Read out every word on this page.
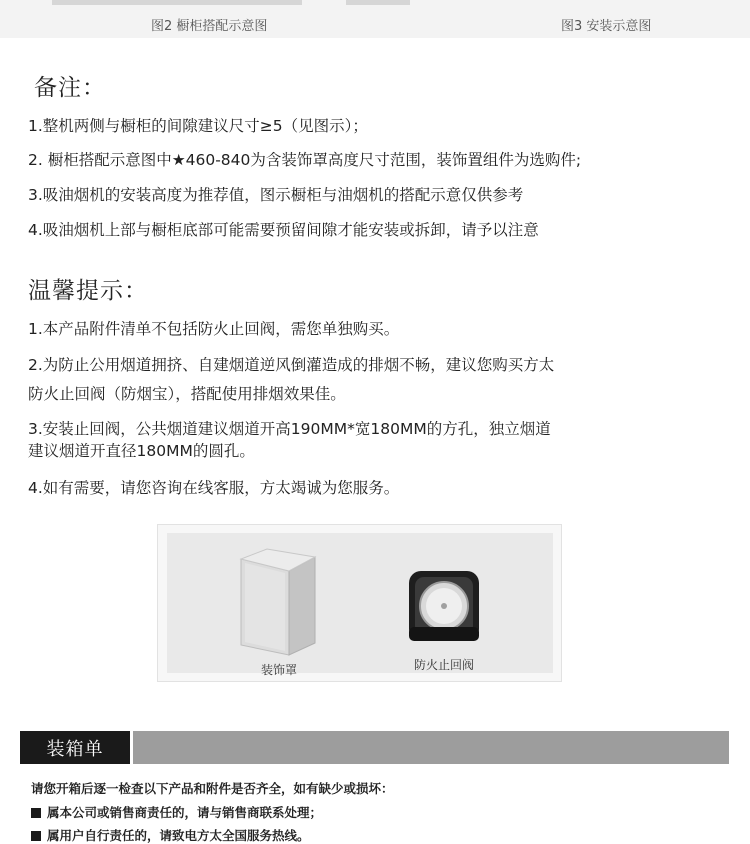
图2 橱柜搭配示意图	图3 安装示意图
备注：
1.整机两侧与橱柜的间隙建议尺寸≥5（见图示）；
2. 橱柜搭配示意图中★460-840为含装饰罩高度尺寸范围，装饰置组件为选购件;
3.吸油烟机的安装高度为推荐值，图示橱柜与油烟机的搭配示意仅供参考
4.吸油烟机上部与橱柜底部可能需要预留间隙才能安装或拆卸，请予以注意
温馨提示：
1.本产品附件清单不包括防火止回阀，需您单独购买。
2.为防止公用烟道拥挤、自建烟道逆风倒灌造成的排烟不畅，建议您购买方太
防火止回阀（防烟宝），搭配使用排烟效果佳。
3.安装止回阀，公共烟道建议烟道开高190MM*宽180MM的方孔，独立烟道
建议烟道开直径180MM的圆孔。
4.如有需要，请您咨询在线客服，方太竭诚为您服务。
装饰罩	防火止回阀
装箱单
请您开箱后逐一检查以下产品和附件是否齐全，如有缺少或损坏：
属本公司或销售商责任的，请与销售商联系处理；
属用户自行责任的，请致电方太全国服务热线。
